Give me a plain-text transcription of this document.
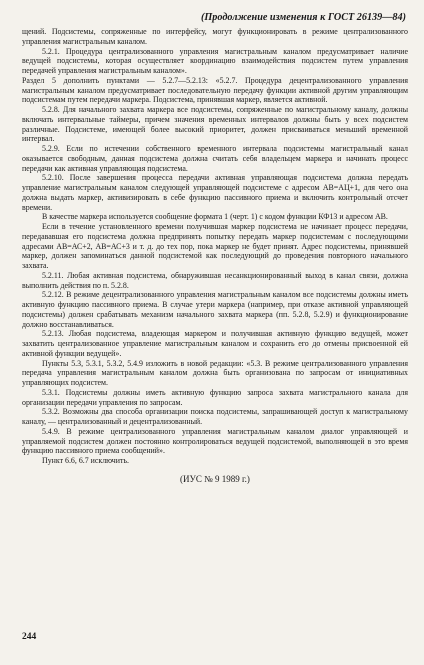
(Продолжение изменения к ГОСТ 26139—84)

щений. Подсистемы, сопряженные по интерфейсу, могут функционировать в режиме централизованного управления магистральным каналом.

5.2.1. Процедура централизованного управления магистральным каналом предусматривает наличие ведущей подсистемы, которая осуществляет координацию взаимодействия подсистем путем управления передачей управления магистральным каналом».

Раздел 5 дополнить пунктами — 5.2.7—5.2.13: «5.2.7. Процедура децентрализованного управления магистральным каналом предусматривает последовательную передачу функции активной другим управляющим подсистемам путем передачи маркера. Подсистема, принявшая маркер, является активной.

5.2.8. Для начального захвата маркера все подсистемы, сопряженные по магистральному каналу, должны включать интервальные таймеры, причем значения временных интервалов должны быть у всех подсистем различные. Подсистеме, имеющей более высокий приоритет, должен присваиваться меньший временной интервал.

5.2.9. Если по истечении собственного временного интервала подсистемы магистральный канал оказывается свободным, данная подсистема должна считать себя владельцем маркера и начинать процесс передачи как активная управляющая подсистема.

5.2.10. После завершения процесса передачи активная управляющая подсистема должна передать управление магистральным каналом следующей управляющей подсистеме с адресом АВ=АЦ+1, для чего она должна выдать маркер, активизировать в себе функцию пассивного приема и включить контрольный отсчет времени.

В качестве маркера используется сообщение формата 1 (черт. 1) с кодом функции КФ13 и адресом АВ.

Если в течение установленного времени получившая маркер подсистема не начинает процесс передачи, передававшая его подсистема должна предпринять попытку передать маркер подсистемам с последующими адресами АВ=АС+2, АВ=АС+3 и т. д. до тех пор, пока маркер не будет принят. Адрес подсистемы, принявшей маркер, должен запоминаться данной подсистемой как последующий до проведения повторного начального захвата.

5.2.11. Любая активная подсистема, обнаружившая несанкционированный выход в канал связи, должна выполнить действия по п. 5.2.8.

5.2.12. В режиме децентрализованного управления магистральным каналом все подсистемы должны иметь активную функцию пассивного приема. В случае утери маркера (например, при отказе активной управляющей подсистемы) должен срабатывать механизм начального захвата маркера (пп. 5.2.8, 5.2.9) и функционирование должно восстанавливаться.

5.2.13. Любая подсистема, владеющая маркером и получившая активную функцию ведущей, может захватить централизованное управление магистральным каналом и сохранить его до отмены присвоенной ей активной функции ведущей».

Пункты 5.3, 5.3.1, 5.3.2, 5.4.9 изложить в новой редакции: «5.3. В режиме централизованного управления передача управления магистральным каналом должна быть организована по запросам от инициативных управляющих подсистем.

5.3.1. Подсистемы должны иметь активную функцию запроса захвата магистрального канала для организации передачи управления по запросам.

5.3.2. Возможны два способа организации поиска подсистемы, запрашивающей доступ к магистральному каналу, — централизованный и децентрализованный.

5.4.9. В режиме централизованного управления магистральным каналом диалог управляющей и управляемой подсистем должен постоянно контролироваться ведущей подсистемой, выполняющей в это время функцию пассивного приема сообщений».

Пункт 6.6, 6.7 исключить.

(ИУС № 9 1989 г.)
244
